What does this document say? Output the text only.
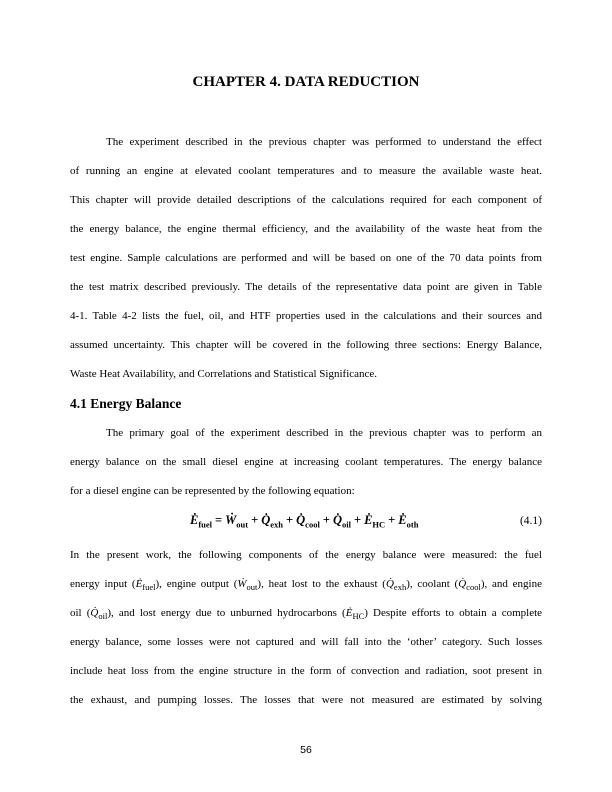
CHAPTER 4. DATA REDUCTION
The experiment described in the previous chapter was performed to understand the effect
of running an engine at elevated coolant temperatures and to measure the available waste heat.
This chapter will provide detailed descriptions of the calculations required for each component of
the energy balance, the engine thermal efficiency, and the availability of the waste heat from the
test engine. Sample calculations are performed and will be based on one of the 70 data points from
the test matrix described previously. The details of the representative data point are given in Table
4-1. Table 4-2 lists the fuel, oil, and HTF properties used in the calculations and their sources and
assumed uncertainty. This chapter will be covered in the following three sections: Energy Balance,
Waste Heat Availability, and Correlations and Statistical Significance.
4.1 Energy Balance
The primary goal of the experiment described in the previous chapter was to perform an
energy balance on the small diesel engine at increasing coolant temperatures. The energy balance
for a diesel engine can be represented by the following equation:
$Ė_{fuel}$ = Ẇ$_{out}$ + $Q̇_{exh}$ + $Q̇_{cool}$ + $Q̇_{oil}$ + $Ė_{HC}$ + $Ė_{oth}$	(4.1)
In the present work, the following components of the energy balance were measured: the fuel
energy input $(Ė_{fuel})$, engine output (Ẇ$_{out}$), heat lost to the exhaust $(Q̇_{exh})$, coolant $(Q̇_{cool})$, and engine
oil $(Q̇_{oil})$, and lost energy due to unburned hydrocarbons $(Ė_{HC})$ Despite efforts to obtain a complete
energy balance, some losses were not captured and will fall into the ‘other’ category. Such losses
include heat loss from the engine structure in the form of convection and radiation, soot present in
the exhaust, and pumping losses. The losses that were not measured are estimated by solving
56
